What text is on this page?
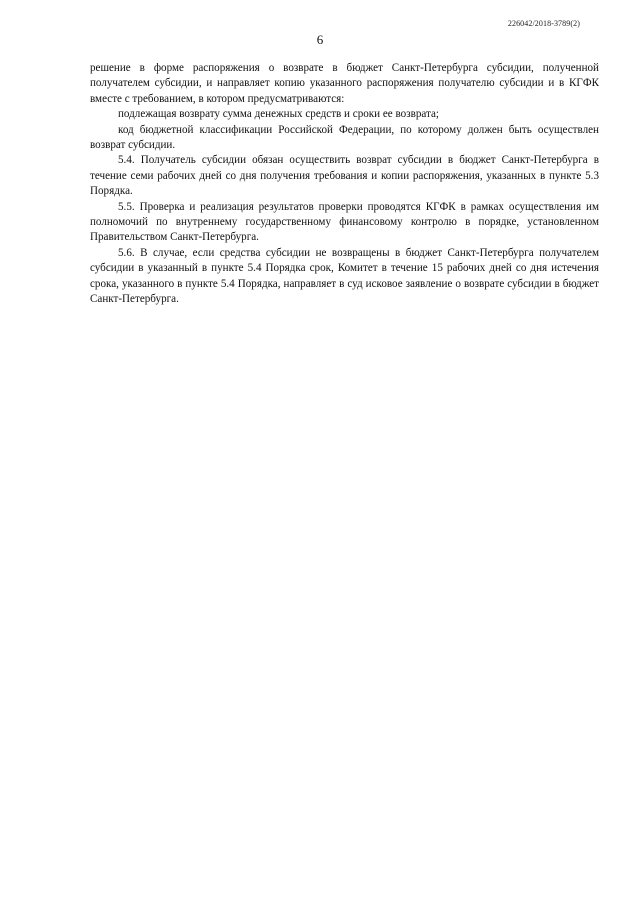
226042/2018-3789(2)
6

решение в форме распоряжения о возврате в бюджет Санкт-Петербурга субсидии, полученной получателем субсидии, и направляет копию указанного распоряжения получателю субсидии и в КГФК вместе с требованием, в котором предусматриваются:

подлежащая возврату сумма денежных средств и сроки ее возврата;

код бюджетной классификации Российской Федерации, по которому должен быть осуществлен возврат субсидии.

5.4. Получатель субсидии обязан осуществить возврат субсидии в бюджет Санкт-Петербурга в течение семи рабочих дней со дня получения требования и копии распоряжения, указанных в пункте 5.3 Порядка.

5.5. Проверка и реализация результатов проверки проводятся КГФК в рамках осуществления им полномочий по внутреннему государственному финансовому контролю в порядке, установленном Правительством Санкт-Петербурга.

5.6. В случае, если средства субсидии не возвращены в бюджет Санкт-Петербурга получателем субсидии в указанный в пункте 5.4 Порядка срок, Комитет в течение 15 рабочих дней со дня истечения срока, указанного в пункте 5.4 Порядка, направляет в суд исковое заявление о возврате субсидии в бюджет Санкт-Петербурга.
